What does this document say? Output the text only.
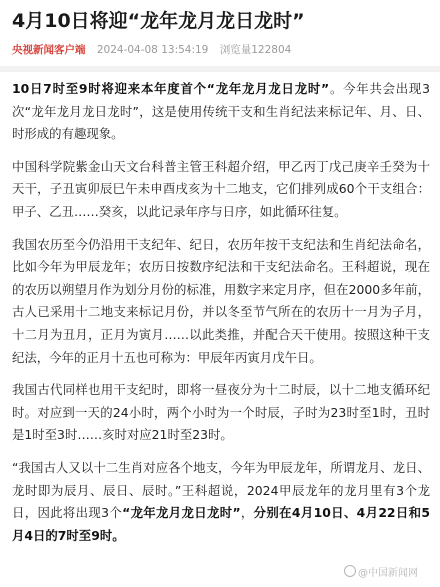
4月10日将迎“龙年龙月龙日龙时”
央视新闻客户端 2024-04-08 13:54:19 浏览量122804

10日7时至9时将迎来本年度首个“龙年龙月龙日龙时”。今年共会出现3次“龙年龙月龙日龙时”，这是使用传统干支和生肖纪法来标记年、月、日、时形成的有趣现象。

中国科学院紫金山天文台科普主管王科超介绍，甲乙丙丁戊己庚辛壬癸为十天干，子丑寅卯辰巳午未申酉戌亥为十二地支，它们排列成60个干支组合：甲子、乙丑……癸亥，以此记录年序与日序，如此循环往复。

我国农历至今仍沿用干支纪年、纪日，农历年按干支纪法和生肖纪法命名，比如今年为甲辰龙年；农历日按数序纪法和干支纪法命名。王科超说，现在的农历以朔望月作为划分月份的标准，用数字来定月序，但在2000多年前，古人已采用十二地支来标记月份，并以冬至节气所在的农历十一月为子月，十二月为丑月，正月为寅月……以此类推，并配合天干使用。按照这种干支纪法，今年的正月十五也可称为：甲辰年丙寅月戊午日。

我国古代同样也用干支纪时，即将一昼夜分为十二时辰，以十二地支循环纪时。对应到一天的24小时，两个小时为一个时辰，子时为23时至1时，丑时是1时至3时……亥时对应21时至23时。

“我国古人又以十二生肖对应各个地支，今年为甲辰龙年，所谓龙月、龙日、龙时即为辰月、辰日、辰时。”王科超说，2024甲辰龙年的龙月里有3个龙日，因此将出现3个“龙年龙月龙日龙时”，分别在4月10日、4月22日和5月4日的7时至9时。

@中国新闻网
